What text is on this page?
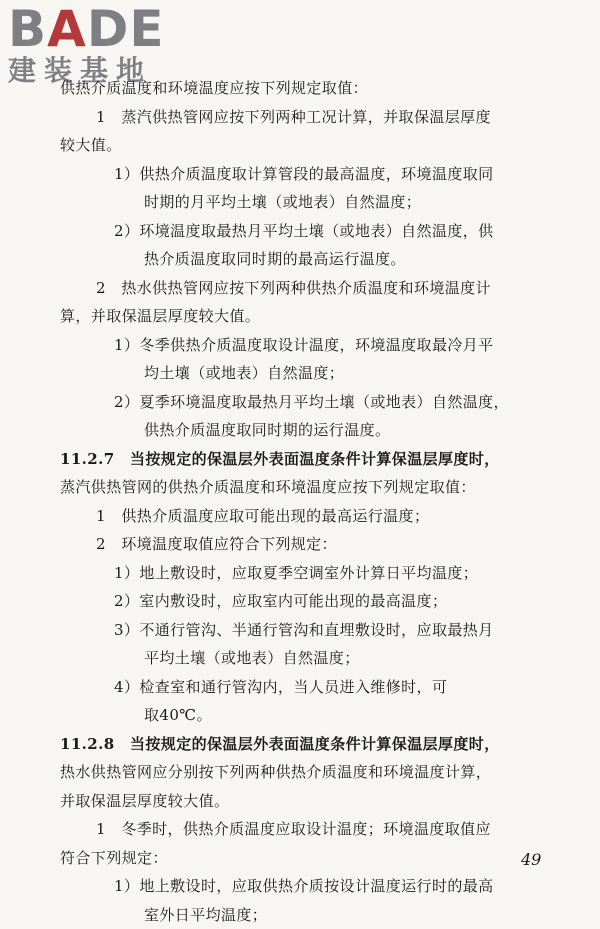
BADE
建装基地
供热介质温度和环境温度应按下列规定取值：
1　蒸汽供热管网应按下列两种工况计算，并取保温层厚度
较大值。
1）供热介质温度取计算管段的最高温度，环境温度取同
时期的月平均土壤（或地表）自然温度；
2）环境温度取最热月平均土壤（或地表）自然温度，供
热介质温度取同时期的最高运行温度。
2　热水供热管网应按下列两种供热介质温度和环境温度计
算，并取保温层厚度较大值。
1）冬季供热介质温度取设计温度，环境温度取最冷月平
均土壤（或地表）自然温度；
2）夏季环境温度取最热月平均土壤（或地表）自然温度，
供热介质温度取同时期的运行温度。
11.2.7　当按规定的保温层外表面温度条件计算保温层厚度时，
蒸汽供热管网的供热介质温度和环境温度应按下列规定取值：
1　供热介质温度应取可能出现的最高运行温度；
2　环境温度取值应符合下列规定：
1）地上敷设时，应取夏季空调室外计算日平均温度；
2）室内敷设时，应取室内可能出现的最高温度；
3）不通行管沟、半通行管沟和直埋敷设时，应取最热月
平均土壤（或地表）自然温度；
4）检查室和通行管沟内，当人员进入维修时，可
取40℃。
11.2.8　当按规定的保温层外表面温度条件计算保温层厚度时，
热水供热管网应分别按下列两种供热介质温度和环境温度计算，
并取保温层厚度较大值。
1　冬季时，供热介质温度应取设计温度；环境温度取值应
符合下列规定：
1）地上敷设时，应取供热介质按设计温度运行时的最高
室外日平均温度；
49
